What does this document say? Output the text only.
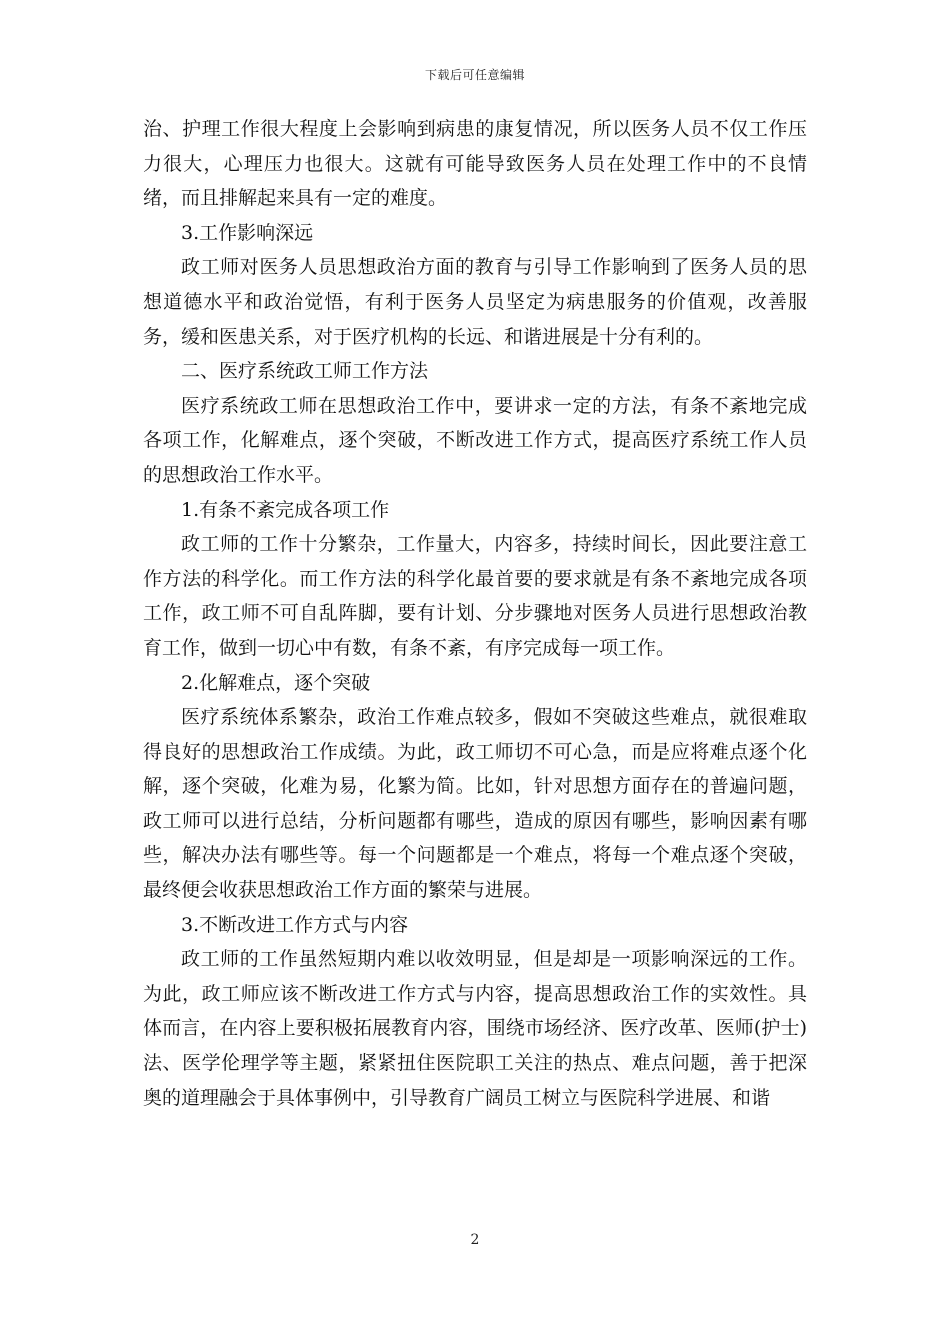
下载后可任意编辑

治、护理工作很大程度上会影响到病患的康复情况，所以医务人员不仅工作压力很大，心理压力也很大。这就有可能导致医务人员在处理工作中的不良情绪，而且排解起来具有一定的难度。

3.工作影响深远

政工师对医务人员思想政治方面的教育与引导工作影响到了医务人员的思想道德水平和政治觉悟，有利于医务人员坚定为病患服务的价值观，改善服务，缓和医患关系，对于医疗机构的长远、和谐进展是十分有利的。

二、医疗系统政工师工作方法

医疗系统政工师在思想政治工作中，要讲求一定的方法，有条不紊地完成各项工作，化解难点，逐个突破，不断改进工作方式，提高医疗系统工作人员的思想政治工作水平。

1.有条不紊完成各项工作

政工师的工作十分繁杂，工作量大，内容多，持续时间长，因此要注意工作方法的科学化。而工作方法的科学化最首要的要求就是有条不紊地完成各项工作，政工师不可自乱阵脚，要有计划、分步骤地对医务人员进行思想政治教育工作，做到一切心中有数，有条不紊，有序完成每一项工作。

2.化解难点，逐个突破

医疗系统体系繁杂，政治工作难点较多，假如不突破这些难点，就很难取得良好的思想政治工作成绩。为此，政工师切不可心急，而是应将难点逐个化解，逐个突破，化难为易，化繁为简。比如，针对思想方面存在的普遍问题，政工师可以进行总结，分析问题都有哪些，造成的原因有哪些，影响因素有哪些，解决办法有哪些等。每一个问题都是一个难点，将每一个难点逐个突破，最终便会收获思想政治工作方面的繁荣与进展。

3.不断改进工作方式与内容

政工师的工作虽然短期内难以收效明显，但是却是一项影响深远的工作。为此，政工师应该不断改进工作方式与内容，提高思想政治工作的实效性。具体而言，在内容上要积极拓展教育内容，围绕市场经济、医疗改革、医师(护士)法、医学伦理学等主题，紧紧扭住医院职工关注的热点、难点问题，善于把深奥的道理融会于具体事例中，引导教育广阔员工树立与医院科学进展、和谐

2
